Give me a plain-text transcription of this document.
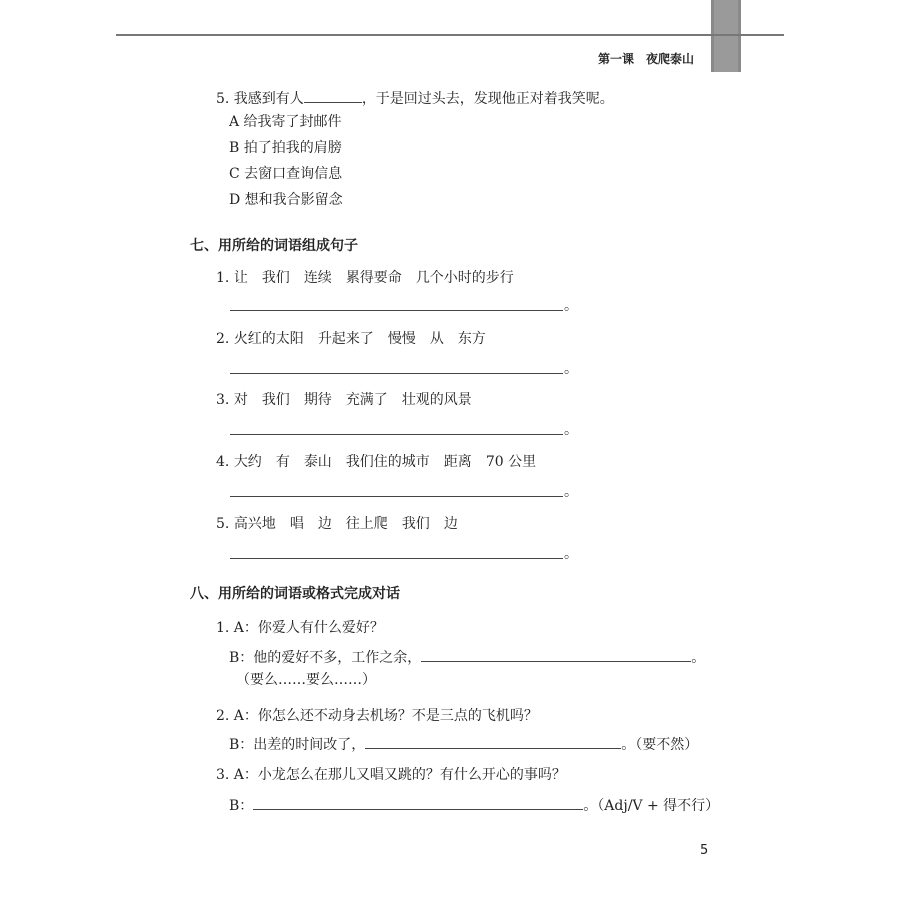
第一课　夜爬泰山
5. 我感到有人	，于是回过头去，发现他正对着我笑呢。
A 给我寄了封邮件
B 拍了拍我的肩膀
C 去窗口查询信息
D 想和我合影留念
七、用所给的词语组成句子
1. 让 我们 连续 累得要命 几个小时的步行
。
2. 火红的太阳 升起来了 慢慢 从 东方
。
3. 对 我们 期待 充满了 壮观的风景
。
4. 大约 有 泰山 我们住的城市 距离 70 公里
。
5. 高兴地 唱 边 往上爬 我们 边
。
八、用所给的词语或格式完成对话
1. A：你爱人有什么爱好？
B：他的爱好不多，工作之余，	。
（要么……要么……）
2. A：你怎么还不动身去机场？不是三点的飞机吗？
B：出差的时间改了，	。（要不然）
3. A：小龙怎么在那儿又唱又跳的？有什么开心的事吗？
B：	。（Adj/V + 得不行）
5
